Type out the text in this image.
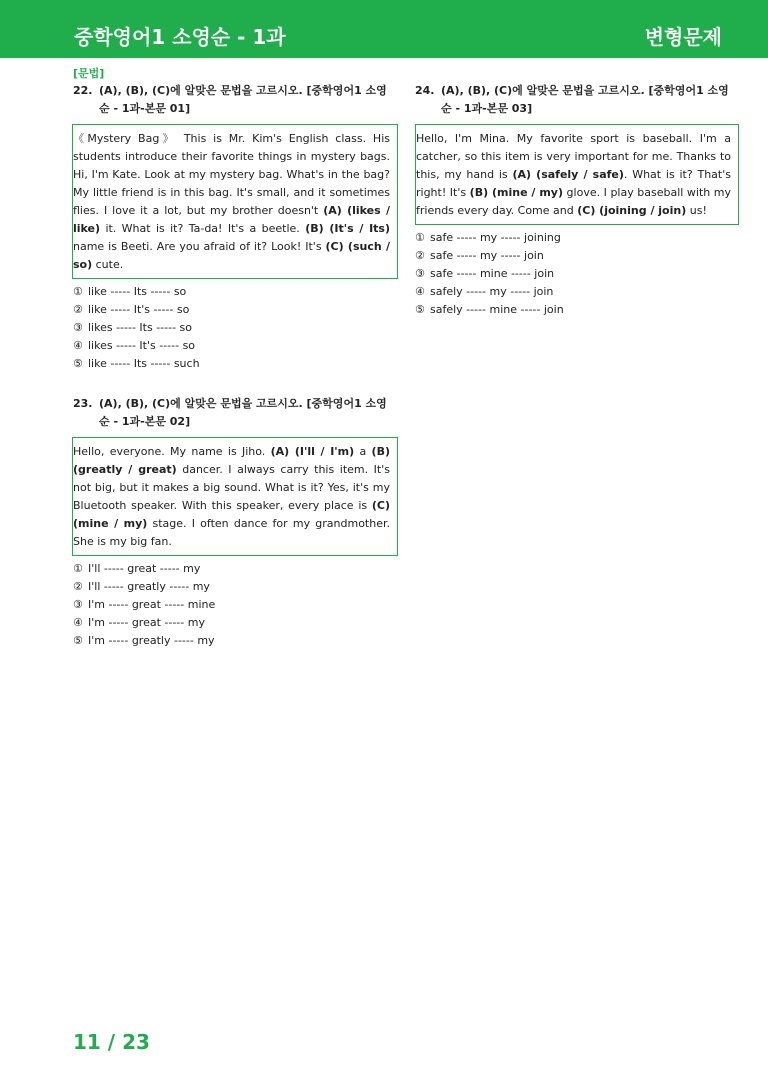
중학영어1 소영순 - 1과	변형문제
[문법]
22. (A), (B), (C)에 알맞은 문법을 고르시오. [중학영어1 소영순 - 1과-본문 01]
《Mystery Bag》 This is Mr. Kim's English class. His students introduce their favorite things in mystery bags. Hi, I'm Kate. Look at my mystery bag. What's in the bag? My little friend is in this bag. It's small, and it sometimes flies. I love it a lot, but my brother doesn't (A) (likes / like) it. What is it? Ta-da! It's a beetle. (B) (It's / Its) name is Beeti. Are you afraid of it? Look! It's (C) (such / so) cute.
① like ----- Its ----- so
② like ----- It's ----- so
③ likes ----- Its ----- so
④ likes ----- It's ----- so
⑤ like ----- Its ----- such
23. (A), (B), (C)에 알맞은 문법을 고르시오. [중학영어1 소영순 - 1과-본문 02]
Hello, everyone. My name is Jiho. (A) (I'll / I'm) a (B) (greatly / great) dancer. I always carry this item. It's not big, but it makes a big sound. What is it? Yes, it's my Bluetooth speaker. With this speaker, every place is (C) (mine / my) stage. I often dance for my grandmother. She is my big fan.
① I'll ----- great ----- my
② I'll ----- greatly ----- my
③ I'm ----- great ----- mine
④ I'm ----- great ----- my
⑤ I'm ----- greatly ----- my
24. (A), (B), (C)에 알맞은 문법을 고르시오. [중학영어1 소영순 - 1과-본문 03]
Hello, I'm Mina. My favorite sport is baseball. I'm a catcher, so this item is very important for me. Thanks to this, my hand is (A) (safely / safe). What is it? That's right! It's (B) (mine / my) glove. I play baseball with my friends every day. Come and (C) (joining / join) us!
① safe ----- my ----- joining
② safe ----- my ----- join
③ safe ----- mine ----- join
④ safely ----- my ----- join
⑤ safely ----- mine ----- join
11 / 23
